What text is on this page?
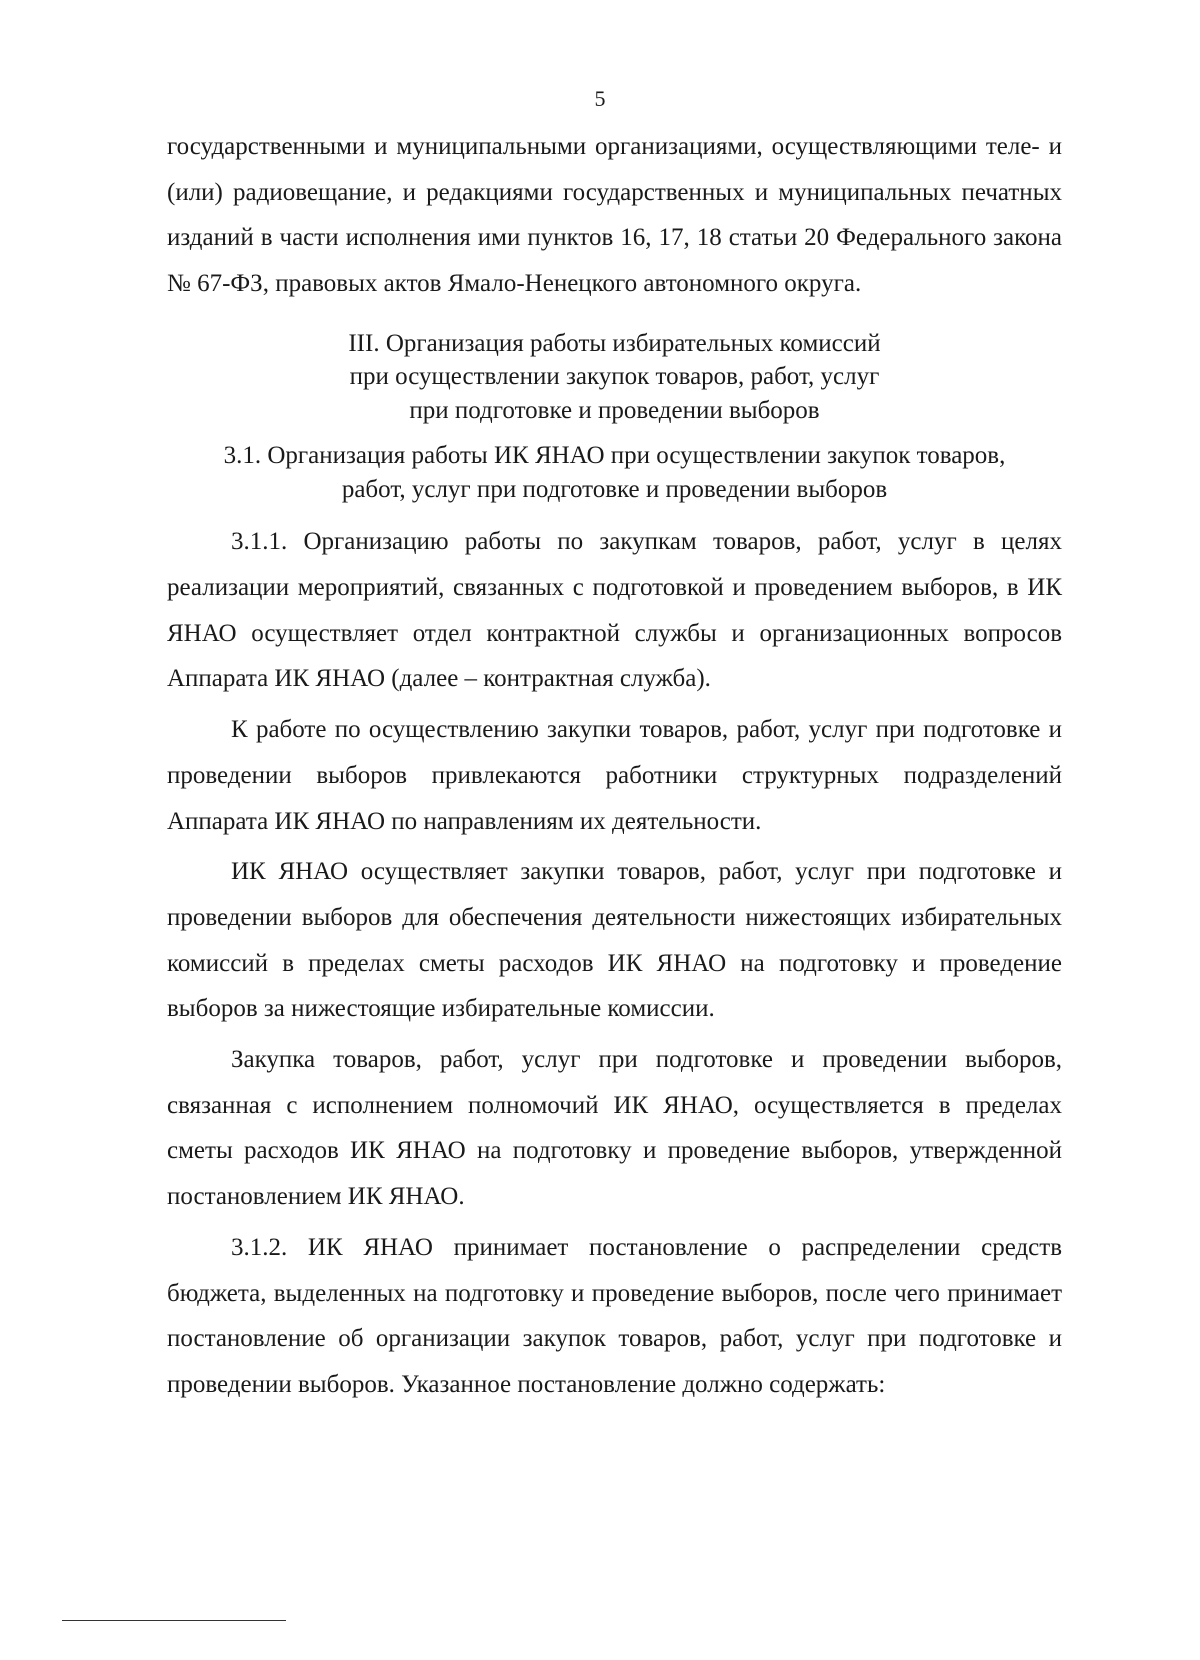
5

государственными и муниципальными организациями, осуществляющими теле- и (или) радиовещание, и редакциями государственных и муниципальных печатных изданий в части исполнения ими пунктов 16, 17, 18 статьи 20 Федерального закона № 67-ФЗ, правовых актов Ямало-Ненецкого автономного округа.

III. Организация работы избирательных комиссий
при осуществлении закупок товаров, работ, услуг
при подготовке и проведении выборов
3.1. Организация работы ИК ЯНАО при осуществлении закупок товаров,
работ, услуг при подготовке и проведении выборов

3.1.1. Организацию работы по закупкам товаров, работ, услуг в целях реализации мероприятий, связанных с подготовкой и проведением выборов, в ИК ЯНАО осуществляет отдел контрактной службы и организационных вопросов Аппарата ИК ЯНАО (далее – контрактная служба).

К работе по осуществлению закупки товаров, работ, услуг при подготовке и проведении выборов привлекаются работники структурных подразделений Аппарата ИК ЯНАО по направлениям их деятельности.

ИК ЯНАО осуществляет закупки товаров, работ, услуг при подготовке и проведении выборов для обеспечения деятельности нижестоящих избирательных комиссий в пределах сметы расходов ИК ЯНАО на подготовку и проведение выборов за нижестоящие избирательные комиссии.

Закупка товаров, работ, услуг при подготовке и проведении выборов, связанная с исполнением полномочий ИК ЯНАО, осуществляется в пределах сметы расходов ИК ЯНАО на подготовку и проведение выборов, утвержденной постановлением ИК ЯНАО.

3.1.2. ИК ЯНАО принимает постановление о распределении средств бюджета, выделенных на подготовку и проведение выборов, после чего принимает постановление об организации закупок товаров, работ, услуг при подготовке и проведении выборов. Указанное постановление должно содержать:
